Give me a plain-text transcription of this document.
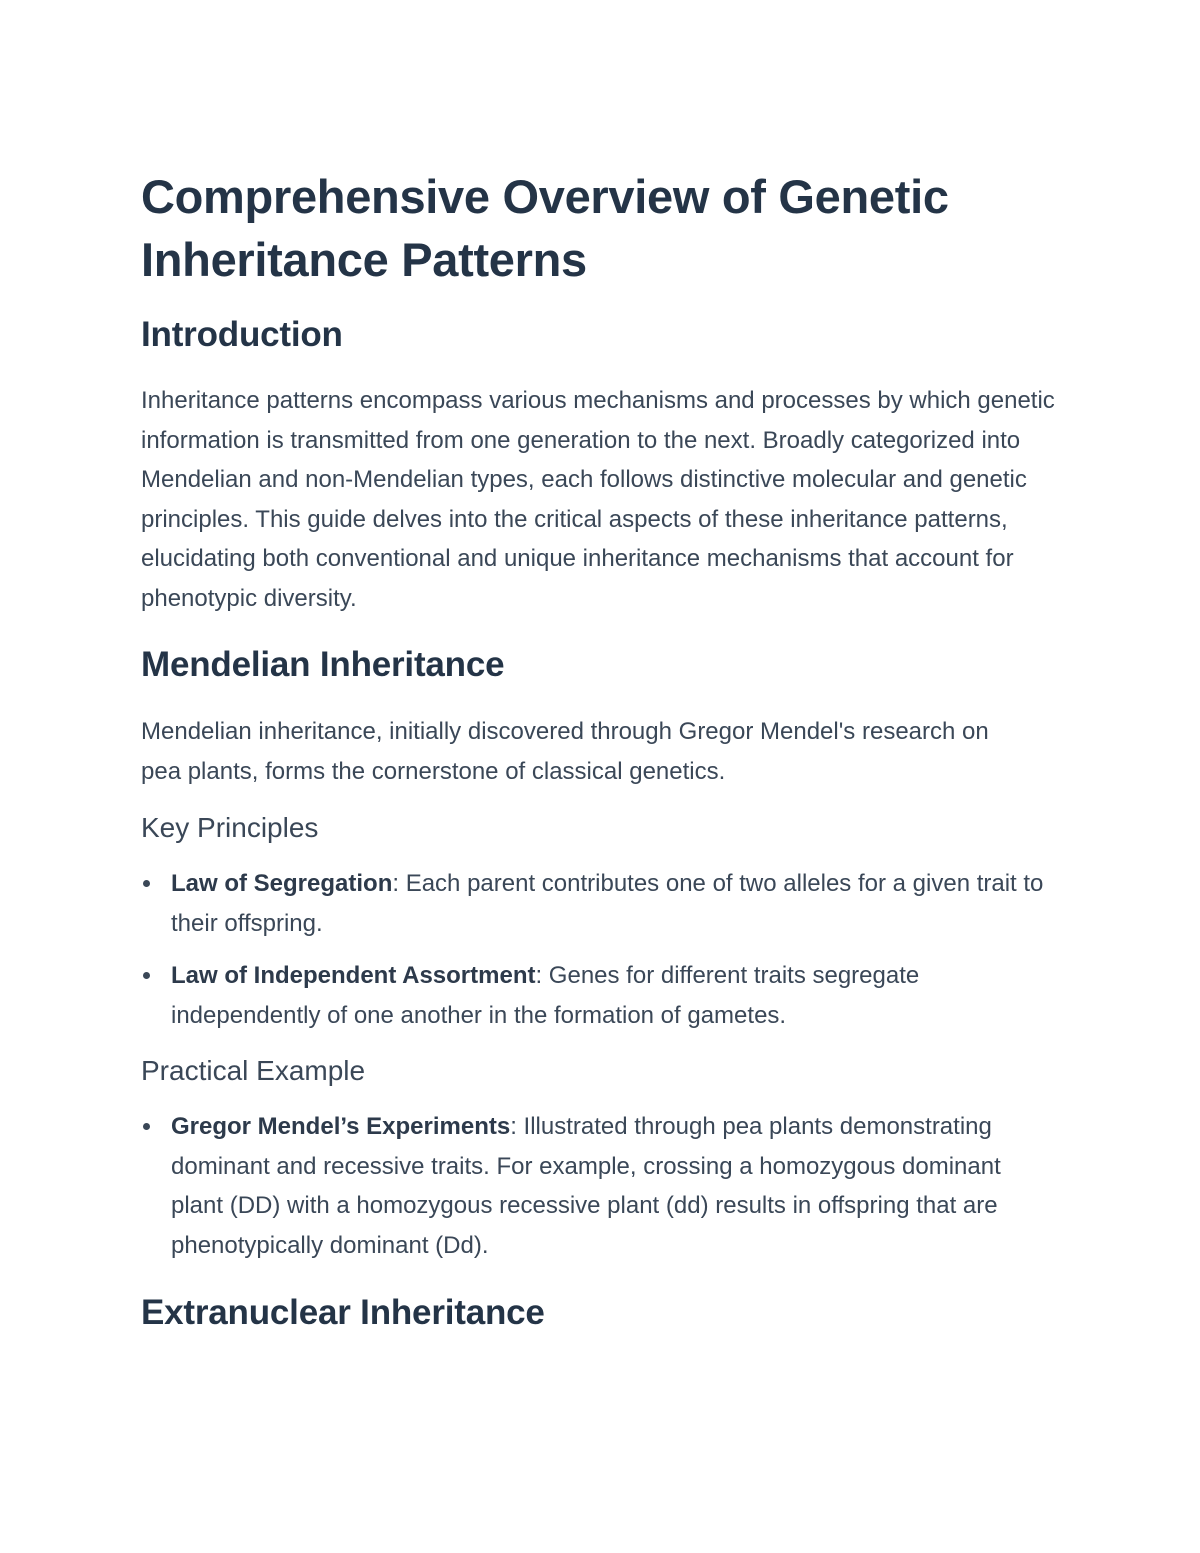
Comprehensive Overview of Genetic Inheritance Patterns
Introduction

Inheritance patterns encompass various mechanisms and processes by which genetic information is transmitted from one generation to the next. Broadly categorized into Mendelian and non-Mendelian types, each follows distinctive molecular and genetic principles. This guide delves into the critical aspects of these inheritance patterns, elucidating both conventional and unique inheritance mechanisms that account for phenotypic diversity.

Mendelian Inheritance

Mendelian inheritance, initially discovered through Gregor Mendel's research on pea plants, forms the cornerstone of classical genetics.

Key Principles
Law of Segregation: Each parent contributes one of two alleles for a given trait to their offspring.
Law of Independent Assortment: Genes for different traits segregate independently of one another in the formation of gametes.
Practical Example
Gregor Mendel’s Experiments: Illustrated through pea plants demonstrating dominant and recessive traits. For example, crossing a homozygous dominant plant (DD) with a homozygous recessive plant (dd) results in offspring that are phenotypically dominant (Dd).
Extranuclear Inheritance
